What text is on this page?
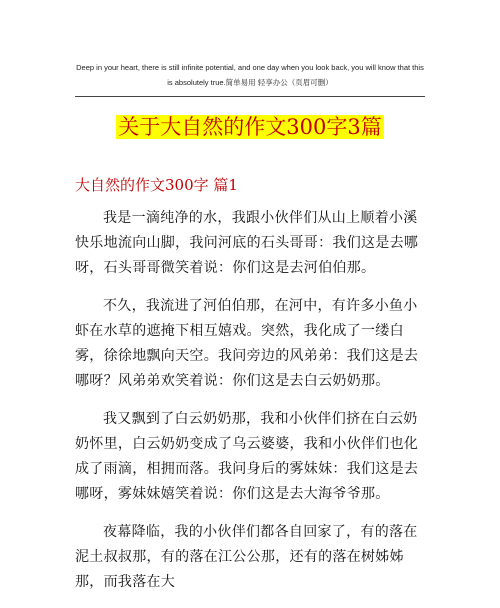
Deep in your heart, there is still infinite potential, and one day when you look back, you will know that this is absolutely true.简单易用 轻享办公（页眉可删）
关于大自然的作文300字3篇
大自然的作文300字 篇1

我是一滴纯净的水，我跟小伙伴们从山上顺着小溪快乐地流向山脚，我问河底的石头哥哥：我们这是去哪呀，石头哥哥微笑着说：你们这是去河伯伯那。

不久，我流进了河伯伯那，在河中，有许多小鱼小虾在水草的遮掩下相互嬉戏。突然，我化成了一缕白雾，徐徐地飘向天空。我问旁边的风弟弟：我们这是去哪呀？风弟弟欢笑着说：你们这是去白云奶奶那。

我又飘到了白云奶奶那，我和小伙伴们挤在白云奶奶怀里，白云奶奶变成了乌云婆婆，我和小伙伴们也化成了雨滴，相拥而落。我问身后的雾妹妹：我们这是去哪呀，雾妹妹嬉笑着说：你们这是去大海爷爷那。

夜幕降临，我的小伙伴们都各自回家了，有的落在泥土叔叔那，有的落在江公公那，还有的落在树姊姊那，而我落在大
